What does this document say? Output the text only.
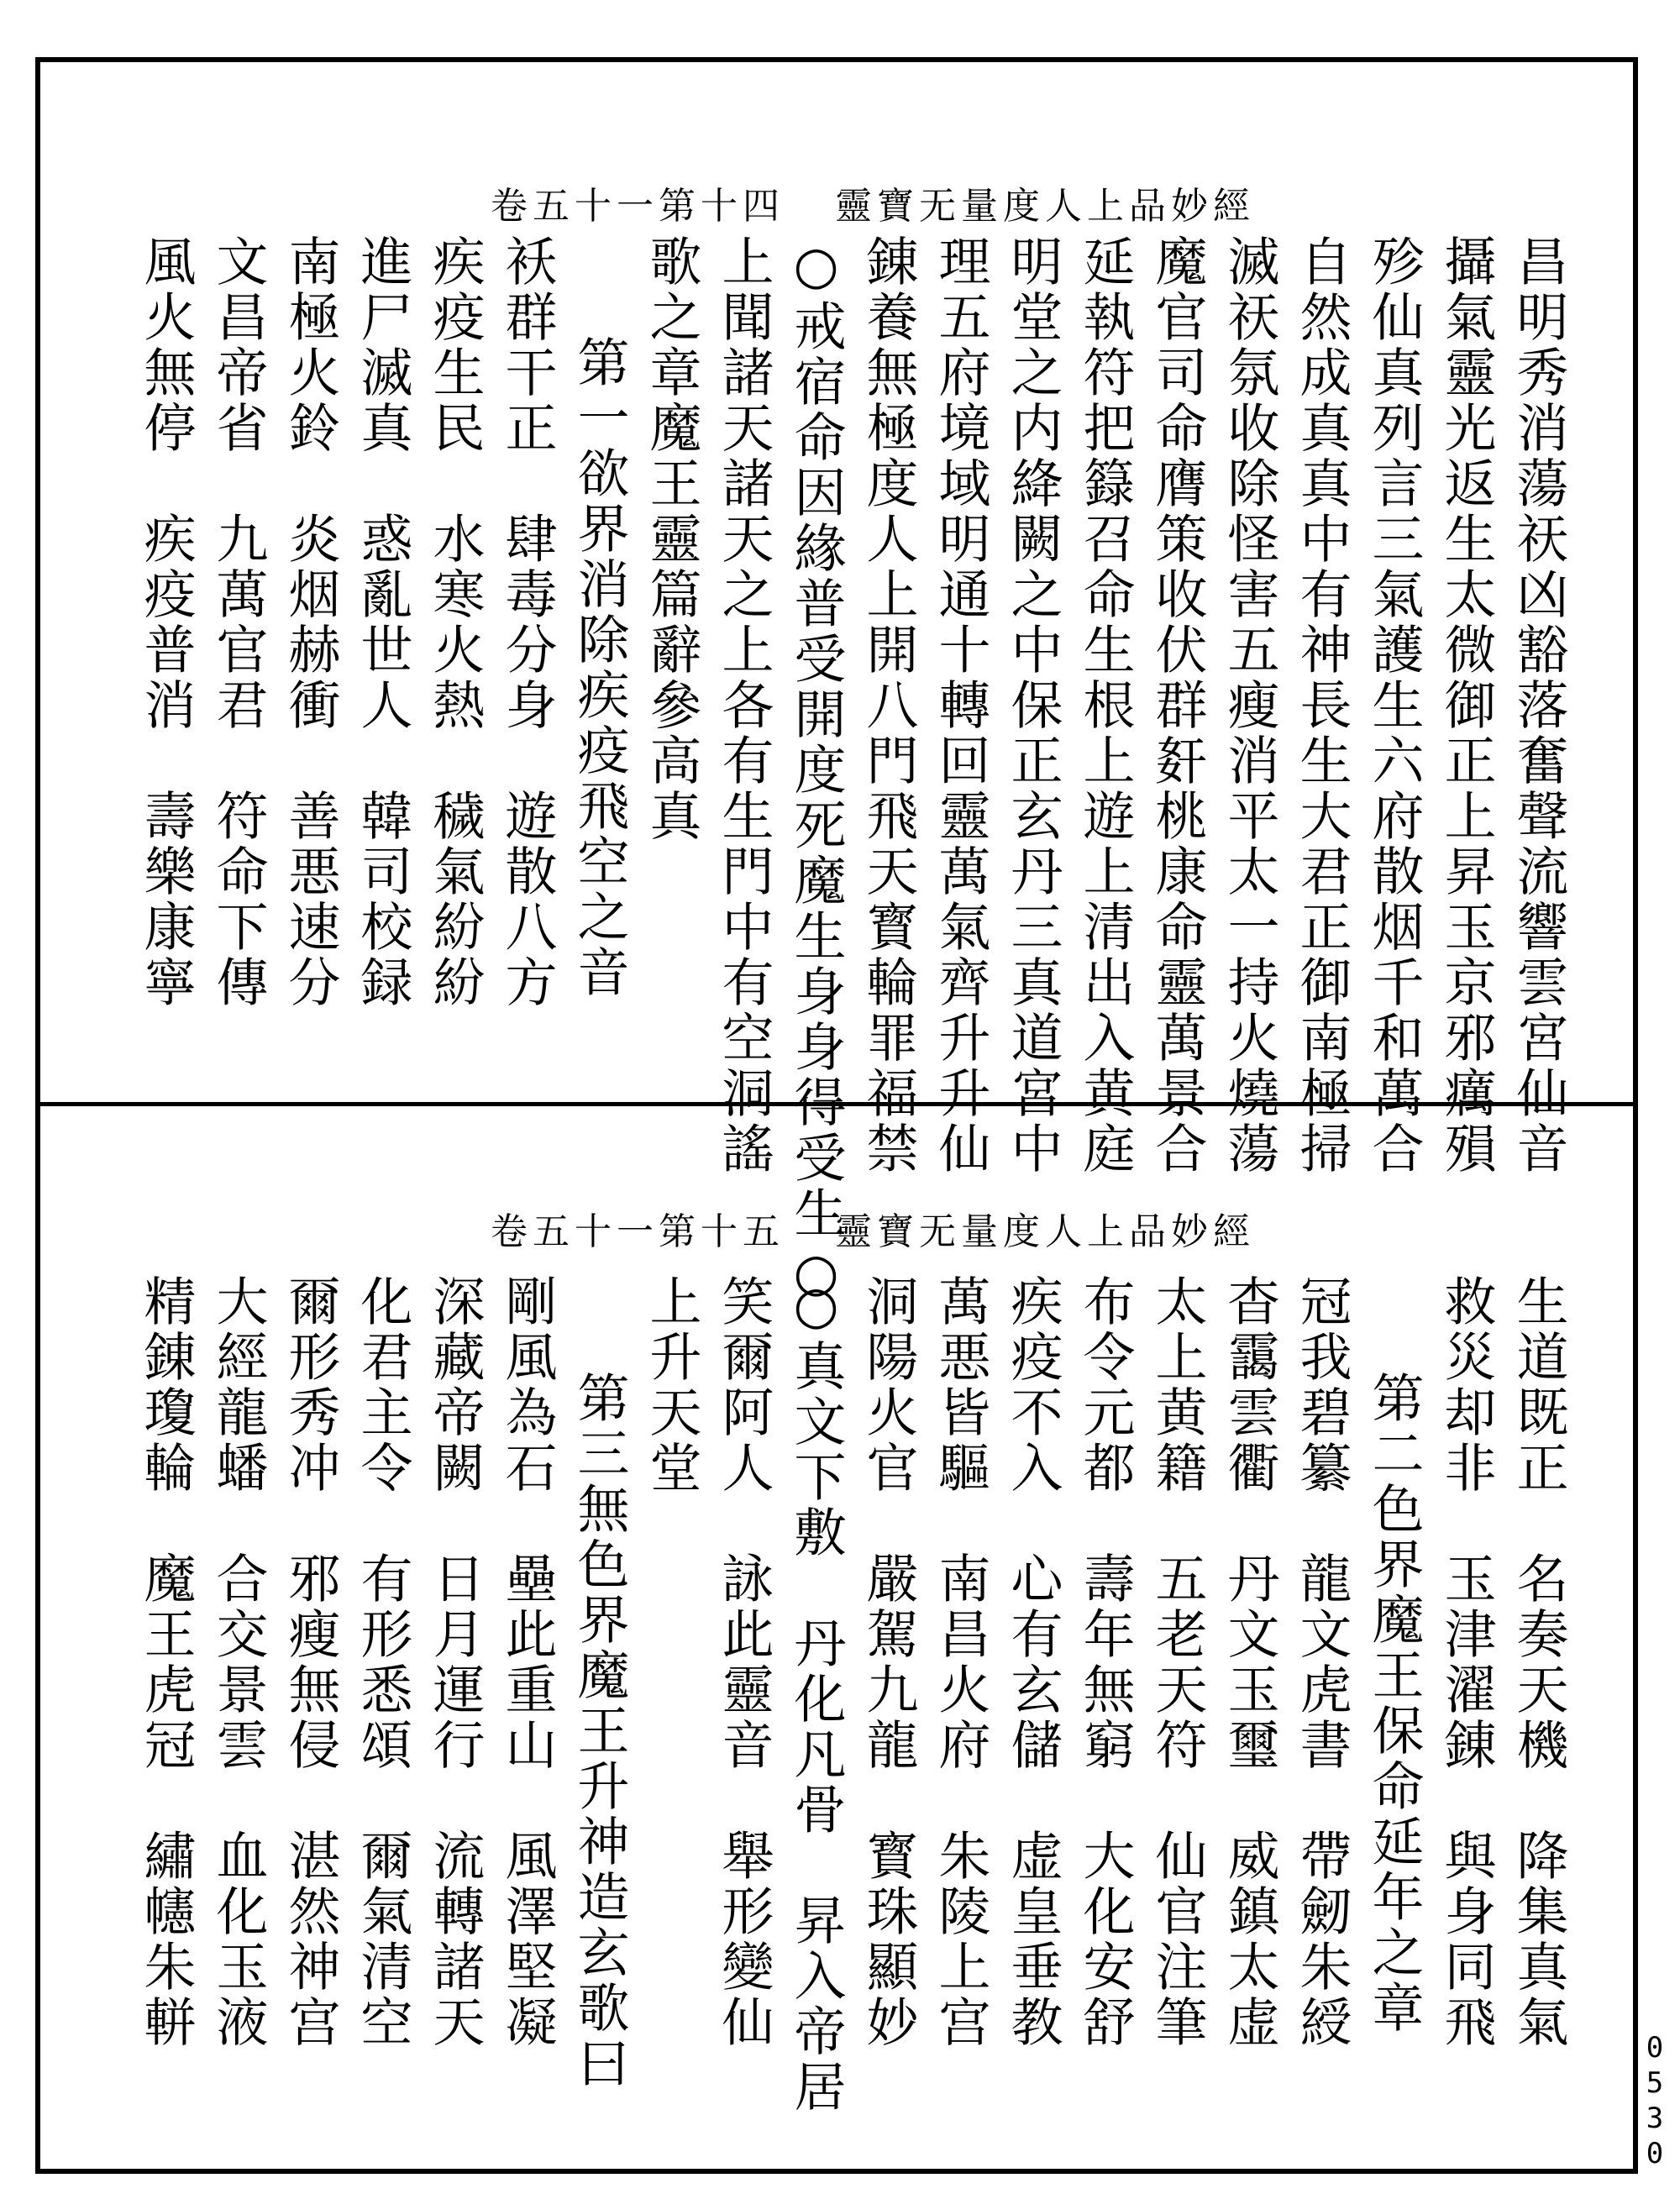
卷五十一第十四 靈寶无量度人上品妙經
昌明秀消蕩祆凶豁落奮聲流響雲宮仙音
攝氣靈光返生太微御正上昇玉京邪癘殞
殄仙真列言三氣護生六府散烟千和萬合
自然成真真中有神長生大君正御南極掃
滅祆氛收除怪害五瘦消平太一持火燒蕩
魔官司命膺策收伏群姧桃康命靈萬景合
延執符把籙召命生根上遊上清出入黄庭
明堂之内絳闕之中保正玄丹三真道宮中
理五府境域明通十轉回靈萬氣齊升升仙
錬養無極度人上開八門飛天寳輪罪福禁
○戒宿命因緣普受開度死魔生身身得受生○
上聞諸天諸天之上各有生門中有空洞謠
歌之章魔王靈篇辭參高真
第一欲界消除疾疫飛空之音
袄群干正　肆毒分身　遊散八方
疾疫生民　水寒火熱　穢氣紛紛
進尸滅真　惑亂世人　韓司校録
南極火鈴　炎烟赫衝　善悪速分
文昌帝省　九萬官君　符命下傳
風火無停　疾疫普消　壽樂康寧
卷五十一第十五 靈寶无量度人上品妙經
生道既正　名奏天機　降集真氣
救災却非　玉津濯錬　與身同飛
第二色界魔王保命延年之章
冠我碧纂　龍文虎書　帶劒朱綬
杳靄雲衢　丹文玉璽　威鎮太虚
太上黄籍　五老天符　仙官注筆
布令元都　壽年無窮　大化安舒
疾疫不入　心有玄儲　虚皇垂教
萬悪皆驅　南昌火府　朱陵上宫
洞陽火官　嚴駕九龍　寳珠顯妙
○真文下敷　丹化凡骨　昇入帝居
笑爾阿人　詠此靈音　舉形變仙
上升天堂
第三無色界魔王升神造玄歌曰
剛風為石　壘此重山　風澤堅凝
深藏帝闕　日月運行　流轉諸天
化君主令　有形悉頌　爾氣清空
爾形秀冲　邪瘦無侵　湛然神宫
大經龍蟠　合交景雲　血化玉液
精錬瓊輪　魔王虎冠　繡幰朱軿
0530
